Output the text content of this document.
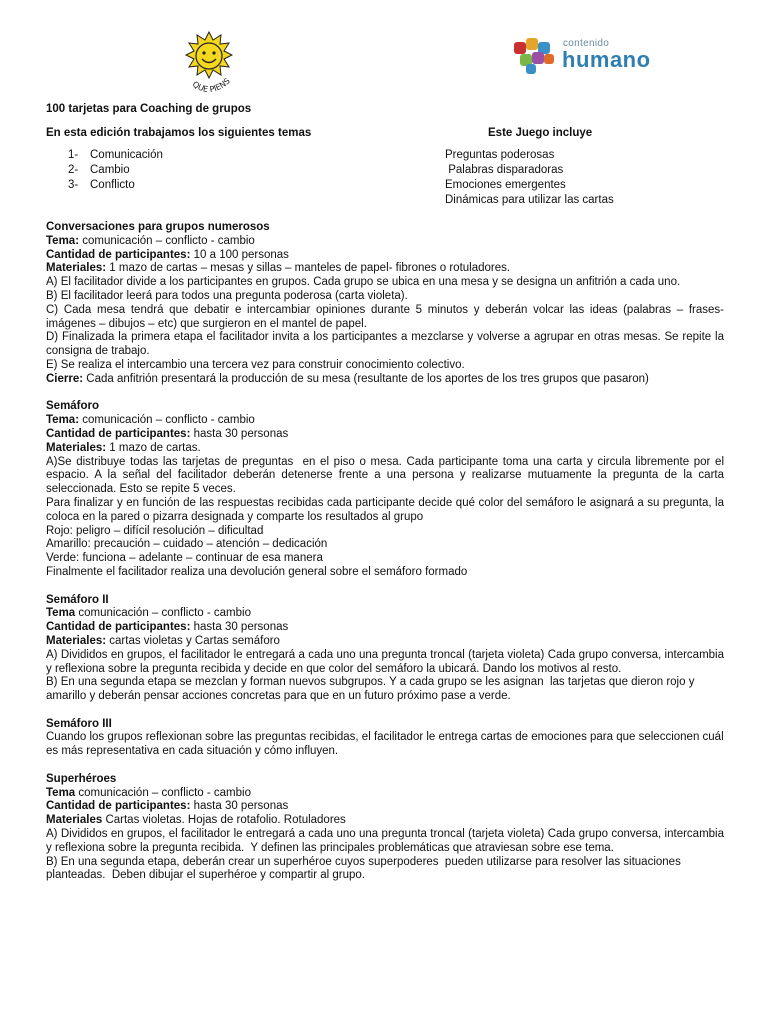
QUE PIENS
contenido
humano
100 tarjetas para Coaching de grupos
En esta edición trabajamos los siguientes temas	Este Juego incluye
1-	Comunicación
2-	Cambio
3-	Conflicto
Preguntas poderosas
Palabras disparadoras
Emociones emergentes
Dinámicas para utilizar las cartas
Conversaciones para grupos numerosos
Tema: comunicación – conflicto - cambio
Cantidad de participantes: 10 a 100 personas
Materiales: 1 mazo de cartas – mesas y sillas – manteles de papel- fibrones o rotuladores.
A) El facilitador divide a los participantes en grupos. Cada grupo se ubica en una mesa y se designa un anfitrión a cada uno.
B) El facilitador leerá para todos una pregunta poderosa (carta violeta).
C) Cada mesa tendrá que debatir e intercambiar opiniones durante 5 minutos y deberán volcar las ideas (palabras – frases- imágenes – dibujos – etc) que surgieron en el mantel de papel.
D) Finalizada la primera etapa el facilitador invita a los participantes a mezclarse y volverse a agrupar en otras mesas. Se repite la consigna de trabajo.
E) Se realiza el intercambio una tercera vez para construir conocimiento colectivo.
Cierre: Cada anfitrión presentará la producción de su mesa (resultante de los aportes de los tres grupos que pasaron)
Semáforo
Tema: comunicación – conflicto - cambio
Cantidad de participantes: hasta 30 personas
Materiales: 1 mazo de cartas.
A)Se distribuye todas las tarjetas de preguntas  en el piso o mesa. Cada participante toma una carta y circula libremente por el espacio. A la señal del facilitador deberán detenerse frente a una persona y realizarse mutuamente la pregunta de la carta seleccionada. Esto se repite 5 veces.
Para finalizar y en función de las respuestas recibidas cada participante decide qué color del semáforo le asignará a su pregunta, la coloca en la pared o pizarra designada y comparte los resultados al grupo
Rojo: peligro – difícil resolución – dificultad
Amarillo: precaución – cuidado – atención – dedicación
Verde: funciona – adelante – continuar de esa manera
Finalmente el facilitador realiza una devolución general sobre el semáforo formado
Semáforo II
Tema comunicación – conflicto - cambio
Cantidad de participantes: hasta 30 personas
Materiales: cartas violetas y Cartas semáforo
A) Divididos en grupos, el facilitador le entregará a cada uno una pregunta troncal (tarjeta violeta) Cada grupo conversa, intercambia y reflexiona sobre la pregunta recibida y decide en que color del semáforo la ubicará. Dando los motivos al resto.
B) En una segunda etapa se mezclan y forman nuevos subgrupos. Y a cada grupo se les asignan  las tarjetas que dieron rojo y amarillo y deberán pensar acciones concretas para que en un futuro próximo pase a verde.
Semáforo III
Cuando los grupos reflexionan sobre las preguntas recibidas, el facilitador le entrega cartas de emociones para que seleccionen cuál es más representativa en cada situación y cómo influyen.
Superhéroes
Tema comunicación – conflicto - cambio
Cantidad de participantes: hasta 30 personas
Materiales Cartas violetas. Hojas de rotafolio. Rotuladores
A) Divididos en grupos, el facilitador le entregará a cada uno una pregunta troncal (tarjeta violeta) Cada grupo conversa, intercambia y reflexiona sobre la pregunta recibida.  Y definen las principales problemáticas que atraviesan sobre ese tema.
B) En una segunda etapa, deberán crear un superhéroe cuyos superpoderes  pueden utilizarse para resolver las situaciones planteadas.  Deben dibujar el superhéroe y compartir al grupo.
